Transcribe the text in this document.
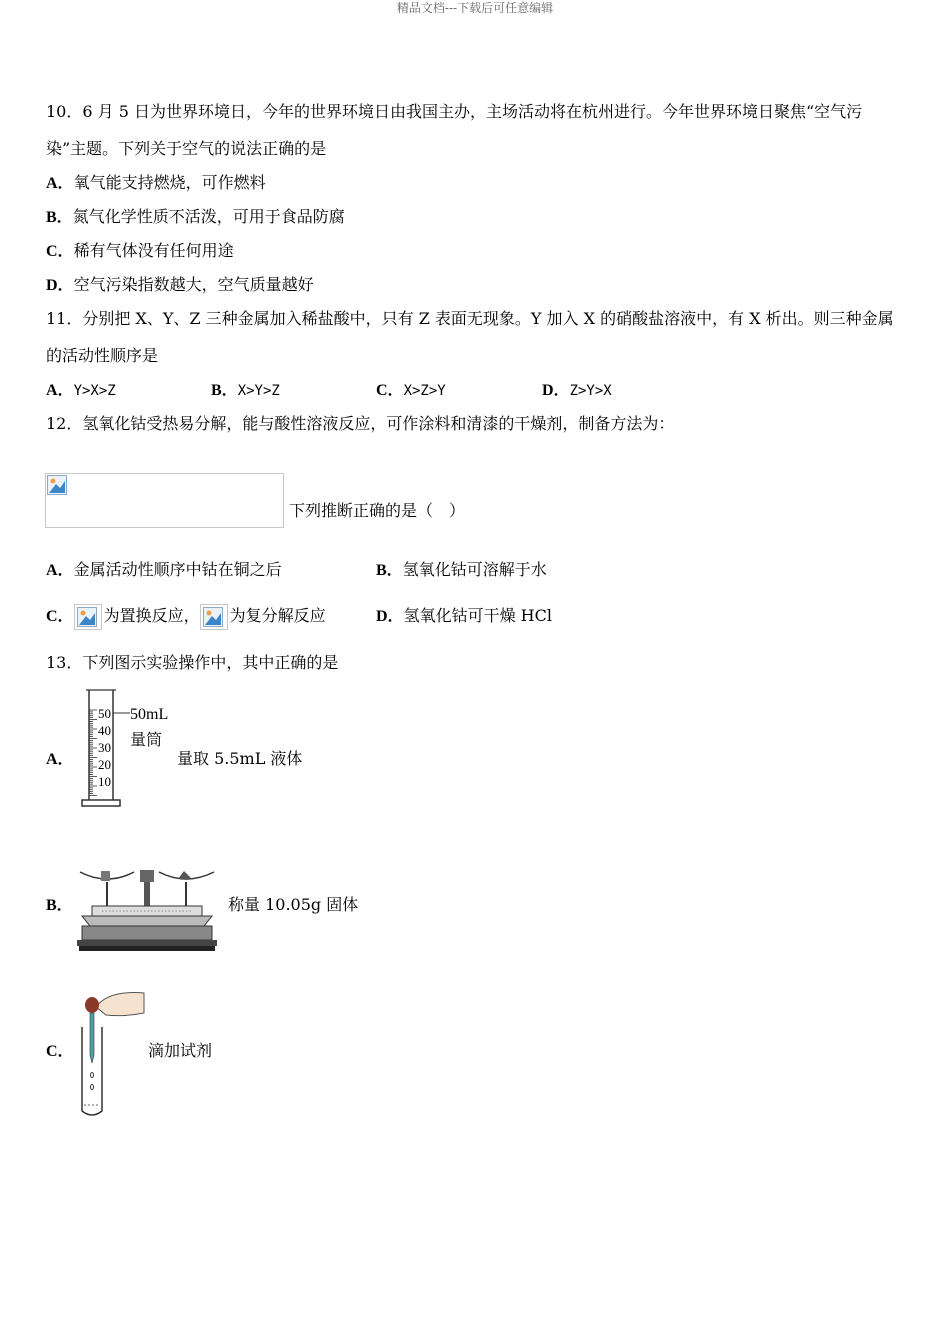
精品文档---下载后可任意编辑
10．6 月 5 日为世界环境日，今年的世界环境日由我国主办，主场活动将在杭州进行。今年世界环境日聚焦“空气污
染”主题。下列关于空气的说法正确的是
A．氧气能支持燃烧，可作燃料
B．氮气化学性质不活泼，可用于食品防腐
C．稀有气体没有任何用途
D．空气污染指数越大，空气质量越好
11．分别把 X、Y、Z 三种金属加入稀盐酸中，只有 Z 表面无现象。Y 加入 X 的硝酸盐溶液中，有 X 析出。则三种金属
的活动性顺序是
A．Y>X>Z	B．X>Y>Z	C．X>Z>Y	D．Z>Y>X
12．氢氧化钴受热易分解，能与酸性溶液反应，可作涂料和清漆的干燥剂，制备方法为：
下列推断正确的是（　）
A．金属活动性顺序中钴在铜之后	B．氢氧化钴可溶解于水
C． 为置换反应， 为复分解反应	D．氢氧化钴可干燥 HCl
13．下列图示实验操作中，其中正确的是
A．
50mL
量筒
50
40
30
20
10
量取 5.5mL 液体
B．	称量 10.05g 固体
C．	滴加试剂
